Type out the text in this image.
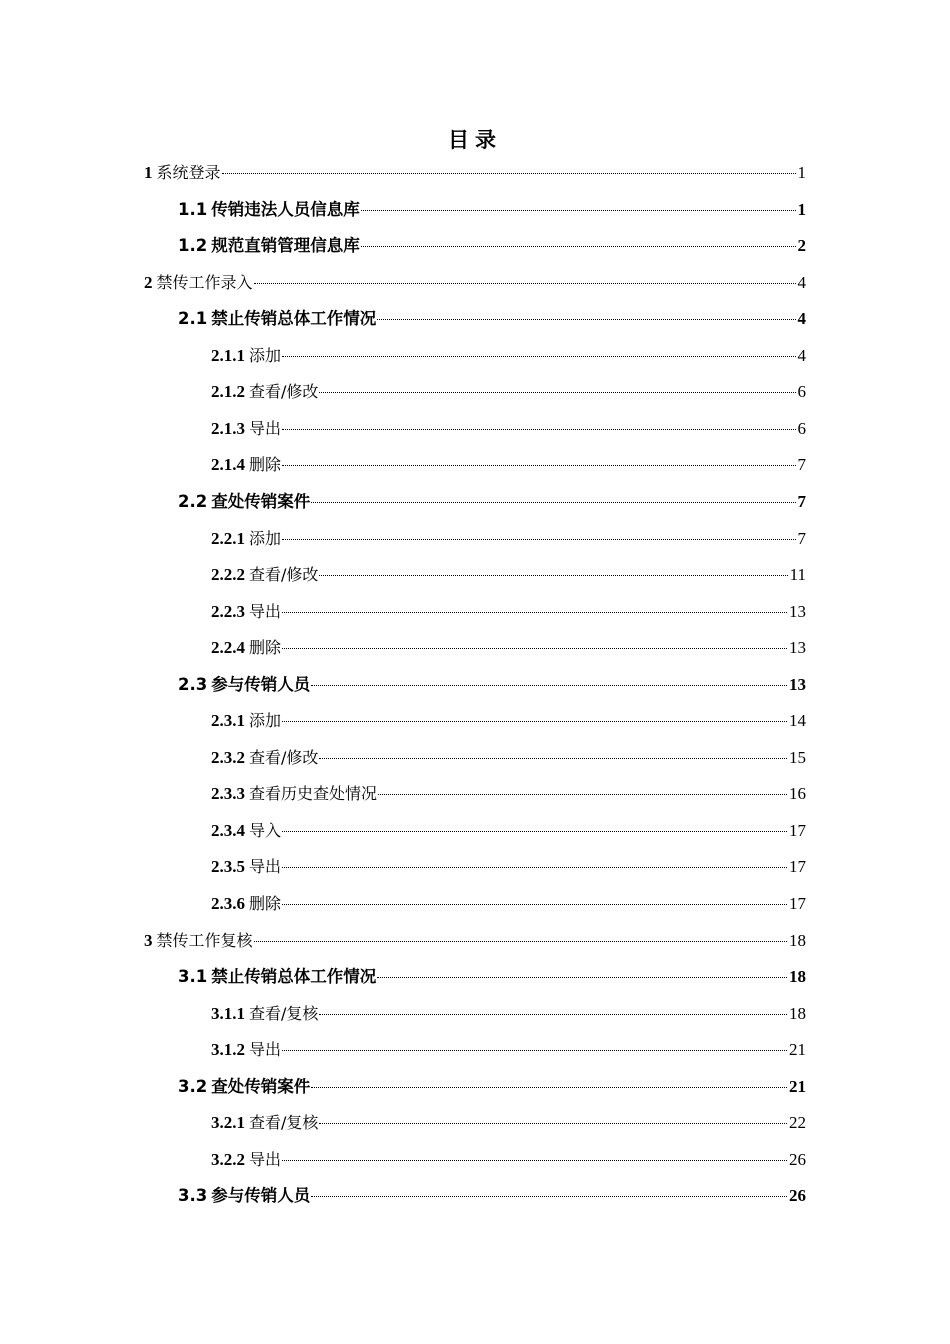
目录
1 系统登录	1
1.1 传销违法人员信息库	1
1.2 规范直销管理信息库	2
2 禁传工作录入	4
2.1 禁止传销总体工作情况	4
2.1.1 添加	4
2.1.2 查看/修改	6
2.1.3 导出	6
2.1.4 删除	7
2.2 查处传销案件	7
2.2.1 添加	7
2.2.2 查看/修改	11
2.2.3 导出	13
2.2.4 删除	13
2.3 参与传销人员	13
2.3.1 添加	14
2.3.2 查看/修改	15
2.3.3 查看历史查处情况	16
2.3.4 导入	17
2.3.5 导出	17
2.3.6 删除	17
3 禁传工作复核	18
3.1 禁止传销总体工作情况	18
3.1.1 查看/复核	18
3.1.2 导出	21
3.2 查处传销案件	21
3.2.1 查看/复核	22
3.2.2 导出	26
3.3 参与传销人员	26
